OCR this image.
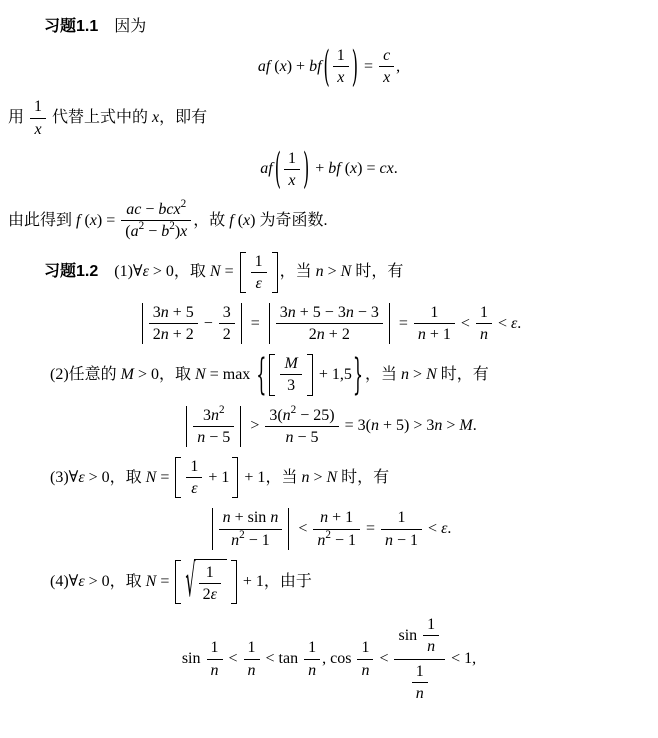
习题1.1  因为
af ( x ) + bf ( $\frac{1}{x}$ ) = $\frac{c}{x}$ ,
用 $\frac{1}{x}$ 代替上式中的 x ，即有
af ( $\frac{1}{x}$ ) + bf ( x ) = cx .
由此得到 f ( x ) =
ac − bcx 2
( a 2 − b 2 ) x
，故 f ( x ) 为奇函数.
习题1.2  (1)∀ ε > 0 ，取 $N = \frac{1}{\varepsilon}$ ，当 n > N 时，有
$\frac{3 n + 5}{2 n + 2} - \frac{3}{2} = \frac{3 n + 5 - 3 n - 3}{2 n + 2} = \frac{1}{n + 1} < \frac{1}{n} < \varepsilon$ .
(2) 任意的 M > 0 ，取 N = max { $\frac{M}{3} + 1,5$ } ，当 n > N 时，有
$\frac{3 n 2}{n - 5} > \frac{3( n 2 - 25)}{n - 5} = 3$( n + 5) > 3 n > M .
(3)∀ ε > 0 ，取 $N = \frac{1}{\varepsilon} + 1 + 1$ ，当 n > N 时，有
$\frac{\text{n + sin n}}{n 2 - 1} < \frac{n + 1}{n 2 - 1} = \frac{1}{n - 1} < \varepsilon$ .
(4)∀ ε > 0 ，取 N = √ $\frac{1}{2 \varepsilon} + 1$ ，由于
$\sin \frac{1}{n} < \frac{1}{n} < \tan \frac{1}{n}$ , $\cos \frac{1}{n} < \frac{\sin \frac{1}{n}}{\frac{1}{n}} < 1$,
